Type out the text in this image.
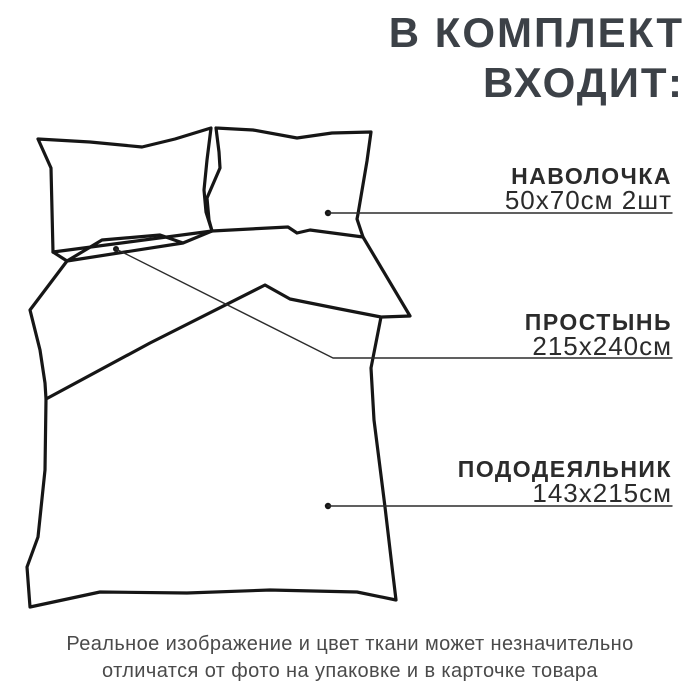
В КОМПЛЕКТ
ВХОДИТ:
НАВОЛОЧКА
50х70см 2шт
ПРОСТЫНЬ
215х240см
ПОДОДЕЯЛЬНИК
143х215см
Реальное изображение и цвет ткани может незначительно
отличатся от фото на упаковке и в карточке товара
